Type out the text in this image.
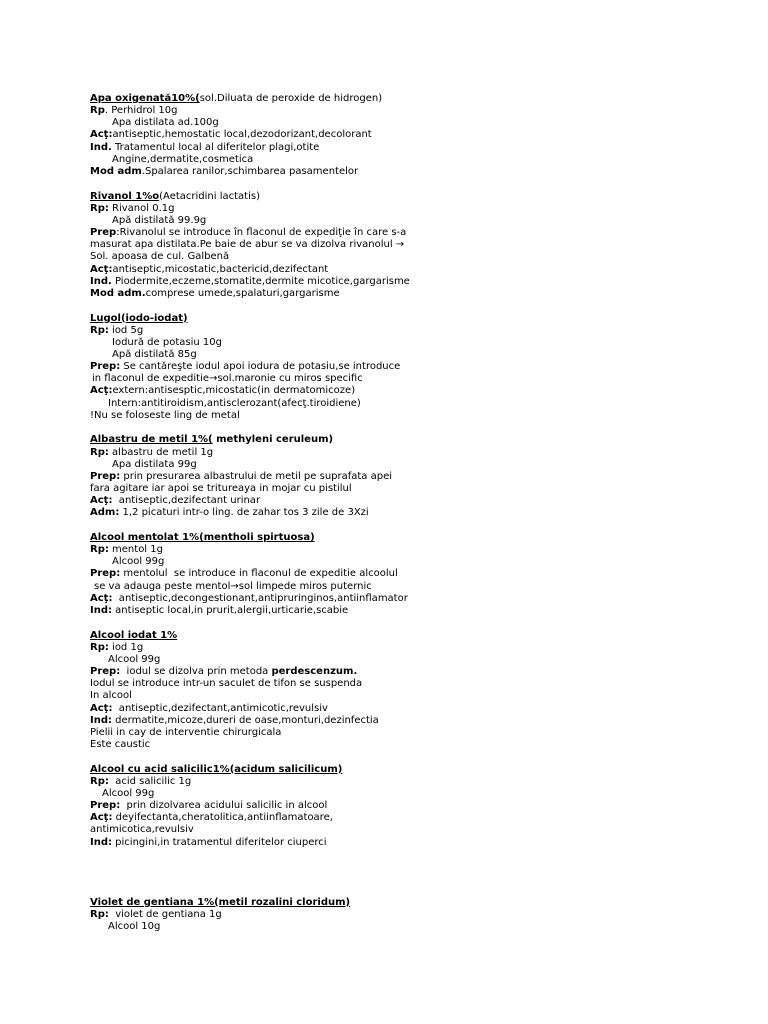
Apa oxigenată10%(sol.Diluata de peroxide de hidrogen)

Rp. Perhidrol 10g

Apa distilata ad.100g

Acţ:antiseptic,hemostatic local,dezodorizant,decolorant

Ind. Tratamentul local al diferitelor plagi,otite

Angine,dermatite,cosmetica

Mod adm.Spalarea ranilor,schimbarea pasamentelor

Rivanol 1%o(Aetacridini lactatis)

Rp: Rivanol 0.1g

Apă distilată 99.9g

Prep:Rivanolul se introduce în flaconul de expediţie în care s-a

masurat apa distilata.Pe baie de abur se va dizolva rivanolul →

Sol. apoasa de cul. Galbenă

Acţ:antiseptic,micostatic,bactericid,dezifectant

Ind. Piodermite,eczeme,stomatite,dermite micotice,gargarisme

Mod adm.comprese umede,spalaturi,gargarisme

Lugol(iodo-iodat)

Rp: iod 5g

Iodură de potasiu 10g

Apă distilată 85g

Prep: Se cantăreşte iodul apoi iodura de potasiu,se introduce

in flaconul de expeditie→sol.maronie cu miros specific

Acţ:extern:antisesptic,micostatic(in dermatomicoze)

Intern:antitiroidism,antisclerozant(afecţ.tiroidiene)

!Nu se foloseste ling de metal

Albastru de metil 1%( methyleni ceruleum)

Rp: albastru de metil 1g

Apa distilata 99g

Prep: prin presurarea albastrului de metil pe suprafata apei

fara agitare iar apoi se tritureaya in mojar cu pistilul

Acţ:  antiseptic,dezifectant urinar

Adm: 1,2 picaturi intr-o ling. de zahar tos 3 zile de 3Xzi

Alcool mentolat 1%(mentholi spirtuosa)

Rp: mentol 1g

Alcool 99g

Prep: mentolul  se introduce in flaconul de expeditie alcoolul

se va adauga peste mentol→sol limpede miros puternic

Acţ:  antiseptic,decongestionant,antipruringinos,antiinflamator

Ind: antiseptic local,in prurit,alergii,urticarie,scabie

Alcool iodat 1%

Rp: iod 1g

Alcool 99g

Prep:  iodul se dizolva prin metoda perdescenzum.

Iodul se introduce intr-un saculet de tifon se suspenda

In alcool

Acţ:  antiseptic,dezifectant,antimicotic,revulsiv

Ind: dermatite,micoze,dureri de oase,monturi,dezinfectia

Pielii in cay de interventie chirurgicala

Este caustic

Alcool cu acid salicilic1%(acidum salicilicum)

Rp:  acid salicilic 1g

Alcool 99g

Prep:  prin dizolvarea acidului salicilic in alcool

Acţ: deyifectanta,cheratolitica,antiinflamatoare,

antimicotica,revulsiv

Ind: picingini,in tratamentul diferitelor ciuperci

Violet de gentiana 1%(metil rozalini cloridum)

Rp:  violet de gentiana 1g

Alcool 10g
